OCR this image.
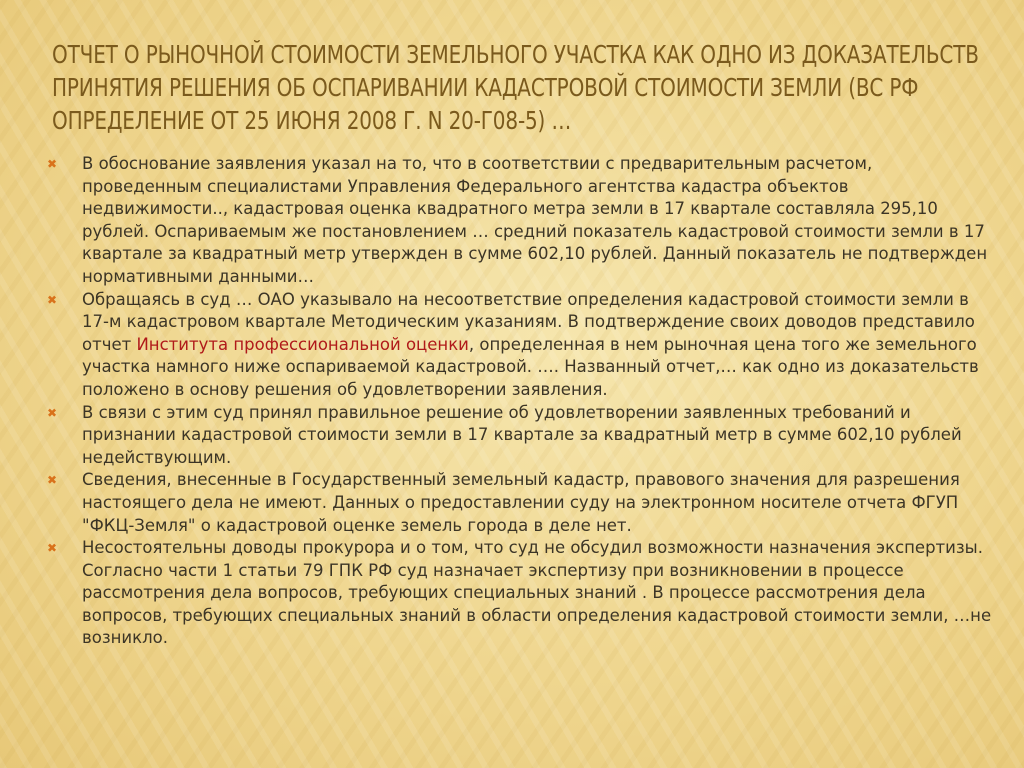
ОТЧЕТ О РЫНОЧНОЙ СТОИМОСТИ ЗЕМЕЛЬНОГО УЧАСТКА КАК ОДНО ИЗ ДОКАЗАТЕЛЬСТВ ПРИНЯТИЯ РЕШЕНИЯ ОБ ОСПАРИВАНИИ КАДАСТРОВОЙ СТОИМОСТИ ЗЕМЛИ (ВС РФ ОПРЕДЕЛЕНИЕ ОТ 25 ИЮНЯ 2008 Г. N 20-Г08-5) …
✖ В обоснование заявления указал на то, что в соответствии с предварительным расчетом, проведенным специалистами Управления Федерального агентства кадастра объектов недвижимости.., кадастровая оценка квадратного метра земли в 17 квартале составляла 295,10 рублей. Оспариваемым же постановлением … средний показатель кадастровой стоимости земли в 17 квартале за квадратный метр утвержден в сумме 602,10 рублей. Данный показатель не подтвержден нормативными данными…
✖ Обращаясь в суд … ОАО указывало на несоответствие определения кадастровой стоимости земли в 17-м кадастровом квартале Методическим указаниям. В подтверждение своих доводов представило отчет Института профессиональной оценки, определенная в нем рыночная цена того же земельного участка намного ниже оспариваемой кадастровой. …. Названный отчет,… как одно из доказательств положено в основу решения об удовлетворении заявления.
✖ В связи с этим суд принял правильное решение об удовлетворении заявленных требований и признании кадастровой стоимости земли в 17 квартале за квадратный метр в сумме 602,10 рублей недействующим.
✖ Сведения, внесенные в Государственный земельный кадастр, правового значения для разрешения настоящего дела не имеют. Данных о предоставлении суду на электронном носителе отчета ФГУП "ФКЦ-Земля" о кадастровой оценке земель города в деле нет.
✖ Несостоятельны доводы прокурора и о том, что суд не обсудил возможности назначения экспертизы. Согласно части 1 статьи 79 ГПК РФ суд назначает экспертизу при возникновении в процессе рассмотрения дела вопросов, требующих специальных знаний . В процессе рассмотрения дела вопросов, требующих специальных знаний в области определения кадастровой стоимости земли, …не возникло.
